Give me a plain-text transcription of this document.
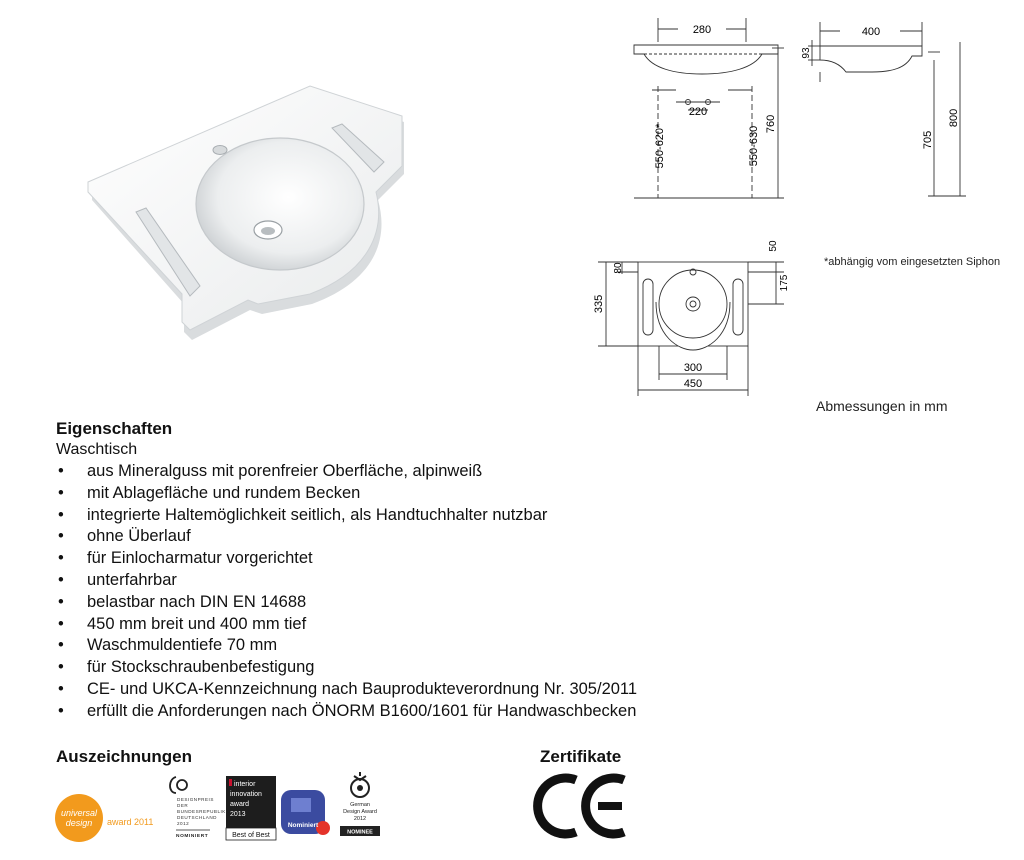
280
220
550-620*	550-630
760
400
93
705
800
50
80
175
335
300
450
*abhängig vom eingesetzten Siphon
Abmessungen in mm
Eigenschaften
Waschtisch
• aus Mineralguss mit porenfreier Oberfläche, alpinweiß
• mit Ablagefläche und rundem Becken
• integrierte Haltemöglichkeit seitlich, als Handtuchhalter nutzbar
• ohne Überlauf
• für Einlocharmatur vorgerichtet
• unterfahrbar
• belastbar nach DIN EN 14688
• 450 mm breit und 400 mm tief
• Waschmuldentiefe 70 mm
• für Stockschraubenbefestigung
• CE- und UKCA-Kennzeichnung nach Bauprodukteverordnung Nr. 305/2011
• erfüllt die Anforderungen nach ÖNORM B1600/1601 für Handwaschbecken
Auszeichnungen	Zertifikate
universal
design award 2011
DESIGNPREIS
DER
BUNDESREPUBLIK
DEUTSCHLAND
2012
NOMINIERT
interior
innovation
award
2013
Best of Best
Nominiert
German
Design Award
2012
NOMINEE
